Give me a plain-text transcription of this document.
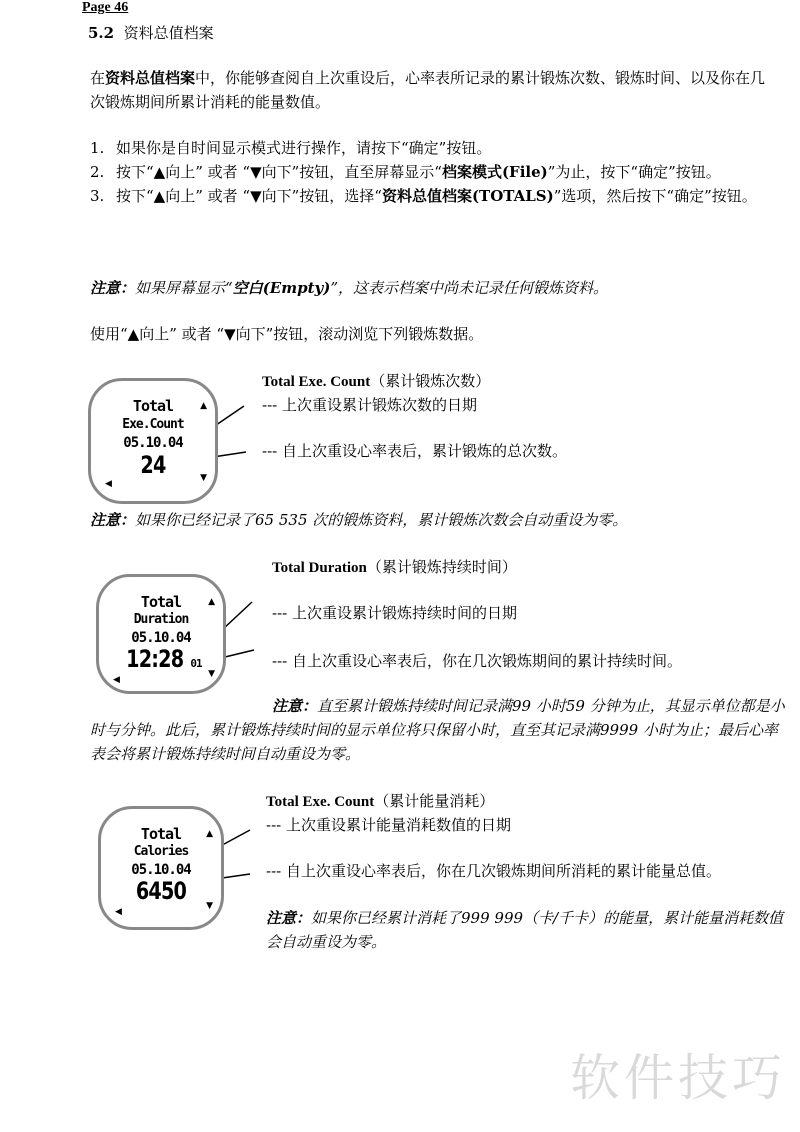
Page 46
5.2 资料总值档案
在资料总值档案中，你能够查阅自上次重设后，心率表所记录的累计锻炼次数、锻炼时间、以及你在几次锻炼期间所累计消耗的能量数值。
1. 如果你是自时间显示模式进行操作，请按下“确定”按钮。
2. 按下“▲向上” 或者 “▼向下”按钮，直至屏幕显示“档案模式(File)”为止，按下“确定”按钮。
3. 按下“▲向上” 或者 “▼向下”按钮，选择“资料总值档案(TOTALS)”选项，然后按下“确定”按钮。
注意：如果屏幕显示“空白(Empty)”，这表示档案中尚未记录任何锻炼资料。
使用“▲向上” 或者 “▼向下”按钮，滚动浏览下列锻炼数据。
Total
Exe.Count
05.10.04
24
▲
▼
◀
Total Exe. Count（累计锻炼次数）
--- 上次重设累计锻炼次数的日期
--- 自上次重设心率表后，累计锻炼的总次数。
注意：如果你已经记录了65 535 次的锻炼资料，累计锻炼次数会自动重设为零。
Total
Duration
05.10.04
12:28 01
▲
▼
◀
Total Duration（累计锻炼持续时间）
--- 上次重设累计锻炼持续时间的日期
--- 自上次重设心率表后，你在几次锻炼期间的累计持续时间。
注意：直至累计锻炼持续时间记录满99 小时59 分钟为止，其显示单位都是小
时与分钟。此后，累计锻炼持续时间的显示单位将只保留小时，直至其记录满9999 小时为止；最后心率
表会将累计锻炼持续时间自动重设为零。
Total
Calories
05.10.04
6450
▲
▼
◀
Total Exe. Count（累计能量消耗）
--- 上次重设累计能量消耗数值的日期
--- 自上次重设心率表后，你在几次锻炼期间所消耗的累计能量总值。
注意：如果你已经累计消耗了999 999（卡/千卡）的能量，累计能量消耗数值
会自动重设为零。
软件技巧
